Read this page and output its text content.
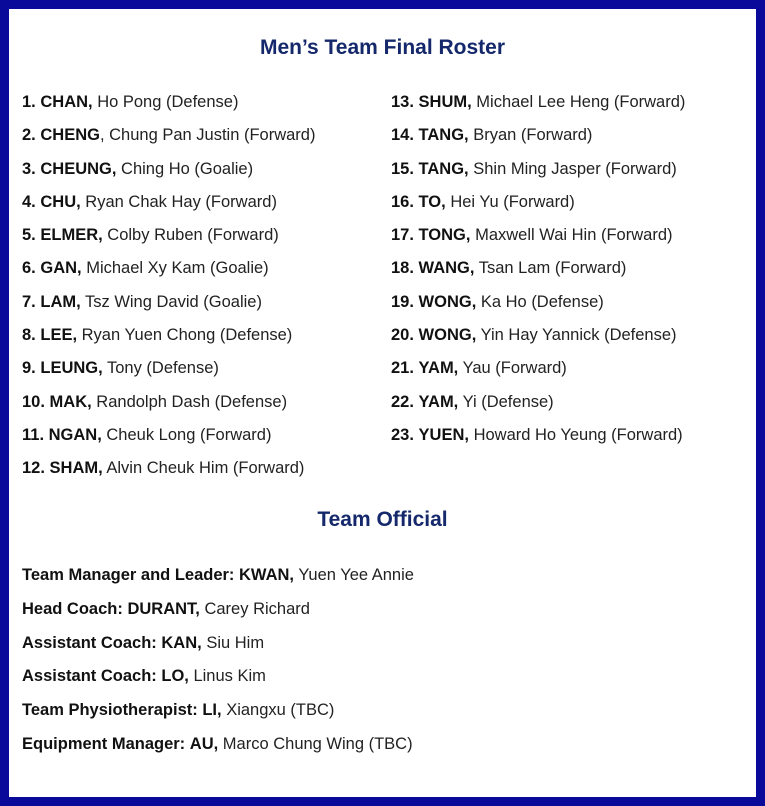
Men’s Team Final Roster
1. CHAN, Ho Pong (Defense)
2. CHENG, Chung Pan Justin (Forward)
3. CHEUNG, Ching Ho (Goalie)
4. CHU, Ryan Chak Hay (Forward)
5. ELMER, Colby Ruben (Forward)
6. GAN, Michael Xy Kam (Goalie)
7. LAM, Tsz Wing David (Goalie)
8. LEE, Ryan Yuen Chong (Defense)
9. LEUNG, Tony (Defense)
10. MAK, Randolph Dash (Defense)
11. NGAN, Cheuk Long (Forward)
12. SHAM, Alvin Cheuk Him (Forward)
13. SHUM, Michael Lee Heng (Forward)
14. TANG, Bryan (Forward)
15. TANG, Shin Ming Jasper (Forward)
16. TO, Hei Yu (Forward)
17. TONG, Maxwell Wai Hin (Forward)
18. WANG, Tsan Lam (Forward)
19. WONG, Ka Ho (Defense)
20. WONG, Yin Hay Yannick (Defense)
21. YAM, Yau (Forward)
22. YAM, Yi (Defense)
23. YUEN, Howard Ho Yeung (Forward)
Team Official
Team Manager and Leader: KWAN, Yuen Yee Annie
Head Coach: DURANT, Carey Richard
Assistant Coach: KAN, Siu Him
Assistant Coach: LO, Linus Kim
Team Physiotherapist: LI, Xiangxu (TBC)
Equipment Manager: AU, Marco Chung Wing (TBC)
